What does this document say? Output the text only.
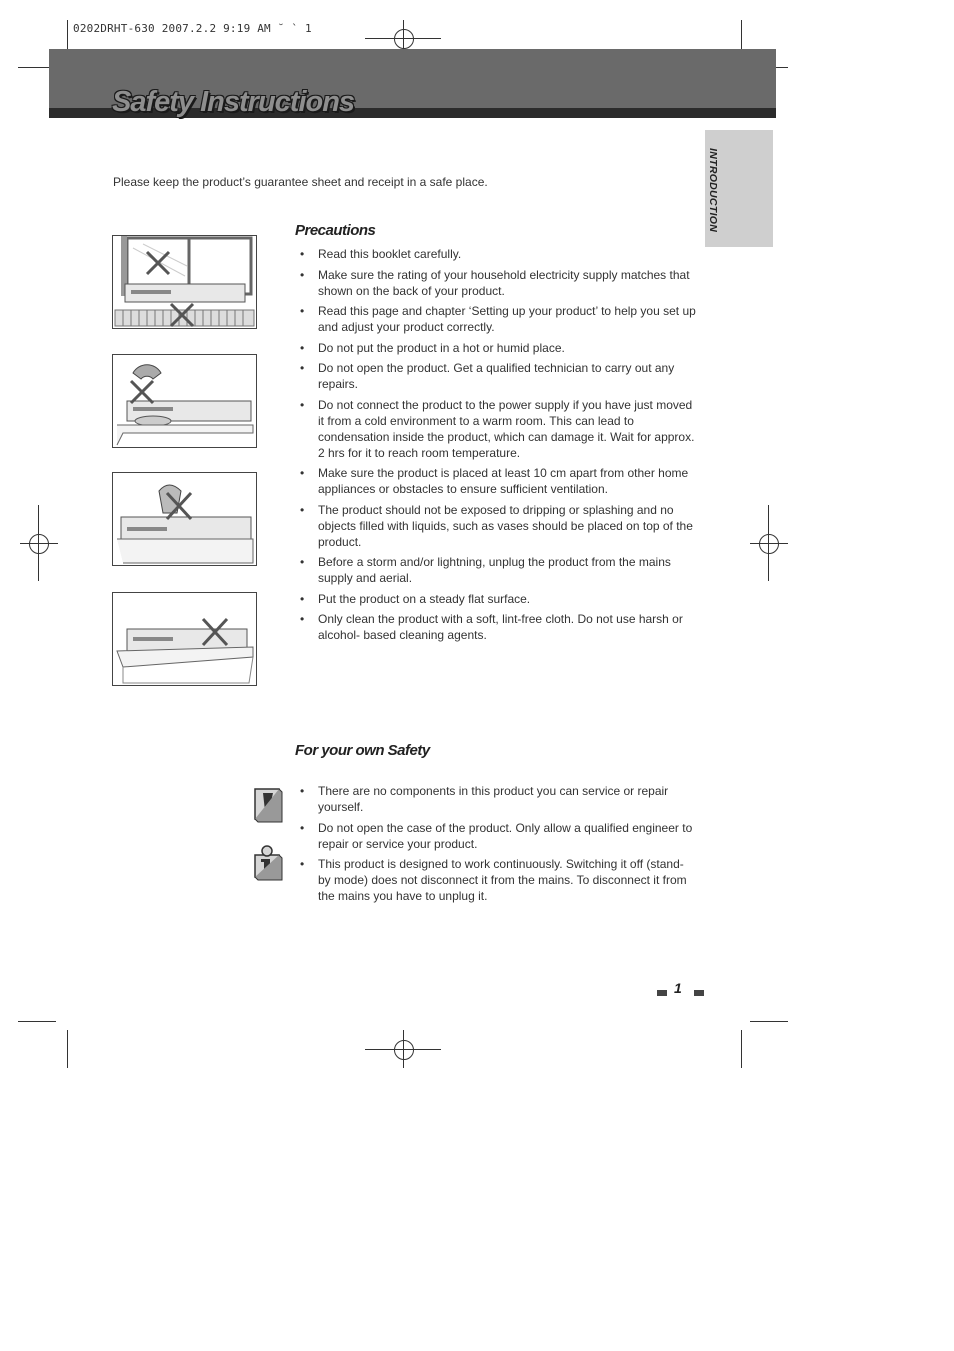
0202DRHT-630 2007.2.2 9:19 AM ˘ ` 1
Safety Instructions
INTRODUCTION
Please keep the product’s guarantee sheet and receipt in a safe place.
Precautions
• Read this booklet carefully.
• Make sure the rating of your household electricity supply matches that shown on the back of your product.
• Read this page and chapter ‘Setting up your product’ to help you set up and adjust your product correctly.
• Do not put the product in a hot or humid place.
• Do not open the product. Get a qualified technician to carry out any repairs.
• Do not connect the product to the power supply if you have just moved it from a cold environment to a warm room. This can lead to condensation inside the product, which can damage it. Wait for approx. 2 hrs for it to reach room temperature.
• Make sure the product is placed at least 10 cm apart from other home appliances or obstacles to ensure sufficient ventilation.
• The product should not be exposed to dripping or splashing and no objects filled with liquids, such as vases should be placed on top of the product.
• Before a storm and/or lightning, unplug the product from the mains supply and aerial.
• Put the product on a steady flat surface.
• Only clean the product with a soft, lint-free cloth. Do not use harsh or alcohol- based cleaning agents.
For your own Safety
• There are no components in this product you can service or repair yourself.
• Do not open the case of the product. Only allow a qualified engineer to repair or service your product.
• This product is designed to work continuously. Switching it off (stand-by mode) does not disconnect it from the mains. To disconnect it from the mains you have to unplug it.
1
